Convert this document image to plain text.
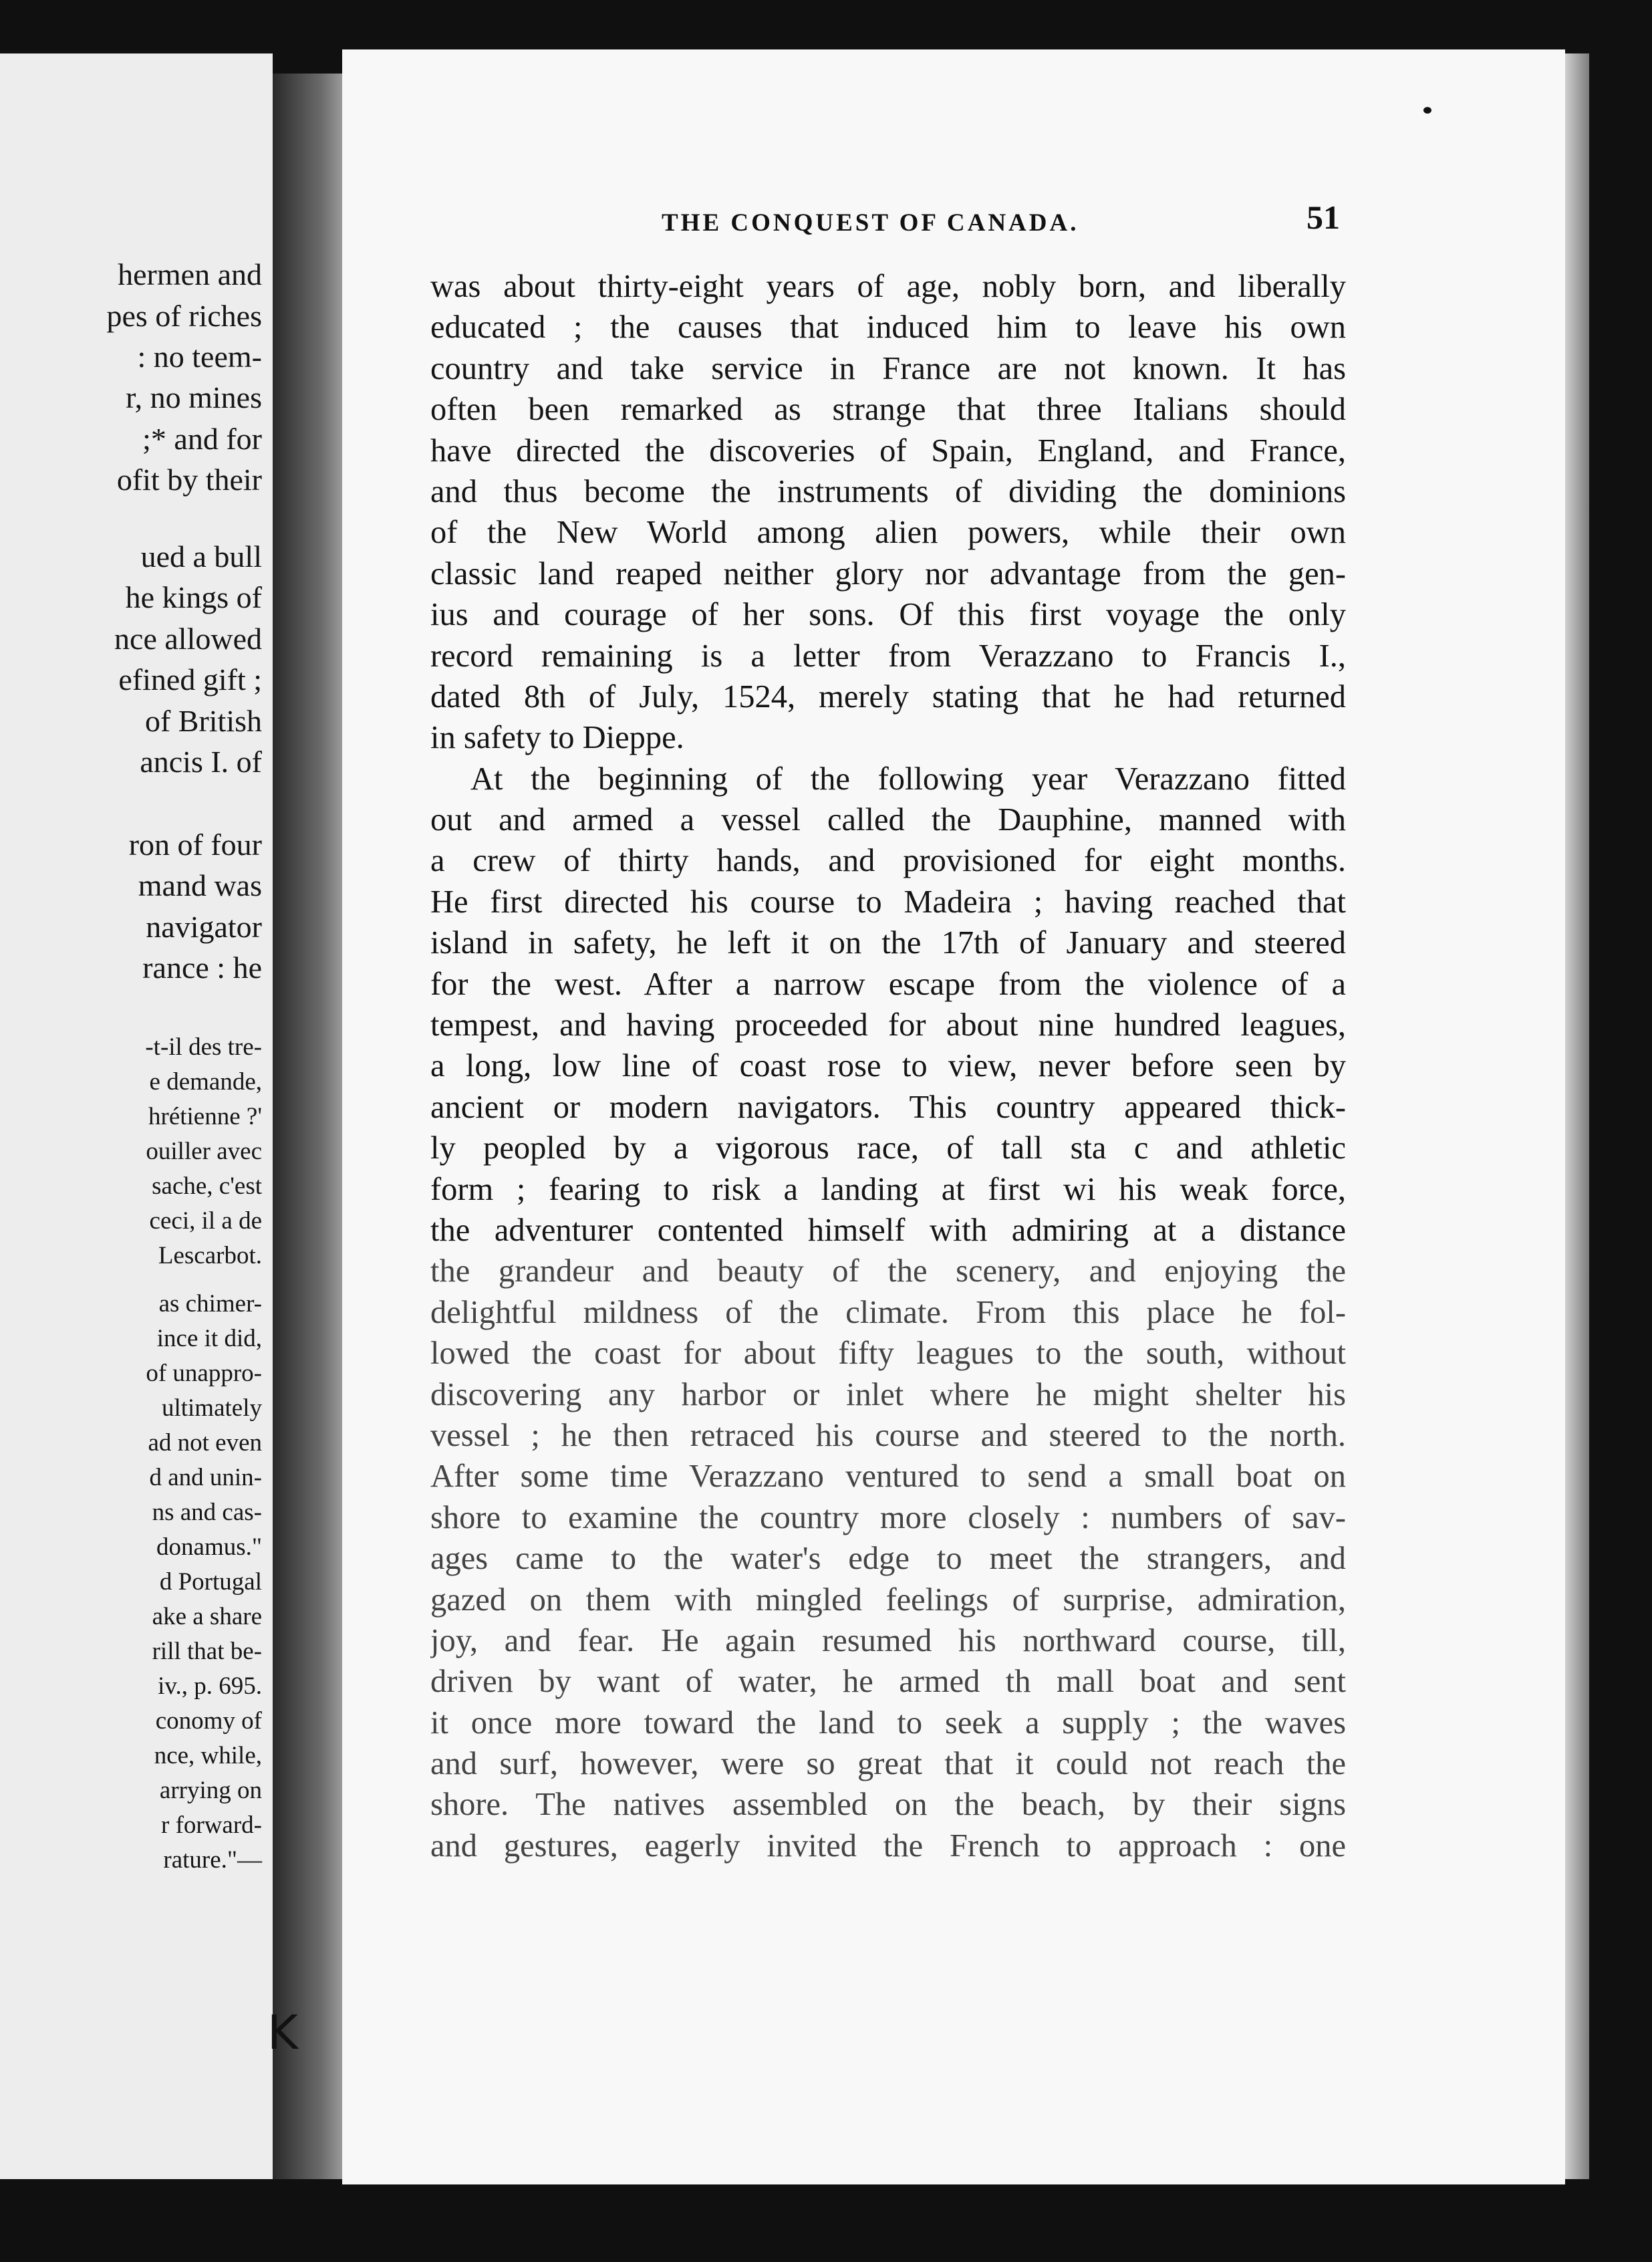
hermen and
pes of riches
: no teem-
r, no mines
;* and for
ofit by their
ued a bull
he kings of
nce allowed
efined gift ;
of British
ancis I. of
ron of four
mand was
navigator
rance : he
-t-il des tre-
e demande,
hrétienne ?'
ouiller avec
sache, c'est
ceci, il a de
Lescarbot.
as chimer-
ince it did,
of unappro-
ultimately
ad not even
d and unin-
ns and cas-
donamus."
d Portugal
ake a share
rill that be-
iv., p. 695.
conomy of
nce, while,
arrying on
r forward-
rature."—
K
THE CONQUEST OF CANADA.	51
was about thirty-eight years of age, nobly born, and liberally
educated ; the causes that induced him to leave his own
country and take service in France are not known. It has
often been remarked as strange that three Italians should
have directed the discoveries of Spain, England, and France,
and thus become the instruments of dividing the dominions
of the New World among alien powers, while their own
classic land reaped neither glory nor advantage from the gen-
ius and courage of her sons. Of this first voyage the only
record remaining is a letter from Verazzano to Francis I.,
dated 8th of July, 1524, merely stating that he had returned
in safety to Dieppe.
At the beginning of the following year Verazzano fitted
out and armed a vessel called the Dauphine, manned with
a crew of thirty hands, and provisioned for eight months.
He first directed his course to Madeira ; having reached that
island in safety, he left it on the 17th of January and steered
for the west. After a narrow escape from the violence of a
tempest, and having proceeded for about nine hundred leagues,
a long, low line of coast rose to view, never before seen by
ancient or modern navigators. This country appeared thick-
ly peopled by a vigorous race, of tall sta c and athletic
form ; fearing to risk a landing at first wi his weak force,
the adventurer contented himself with admiring at a distance
the grandeur and beauty of the scenery, and enjoying the
delightful mildness of the climate. From this place he fol-
lowed the coast for about fifty leagues to the south, without
discovering any harbor or inlet where he might shelter his
vessel ; he then retraced his course and steered to the north.
After some time Verazzano ventured to send a small boat on
shore to examine the country more closely : numbers of sav-
ages came to the water's edge to meet the strangers, and
gazed on them with mingled feelings of surprise, admiration,
joy, and fear. He again resumed his northward course, till,
driven by want of water, he armed th mall boat and sent
it once more toward the land to seek a supply ; the waves
and surf, however, were so great that it could not reach the
shore. The natives assembled on the beach, by their signs
and gestures, eagerly invited the French to approach : one
